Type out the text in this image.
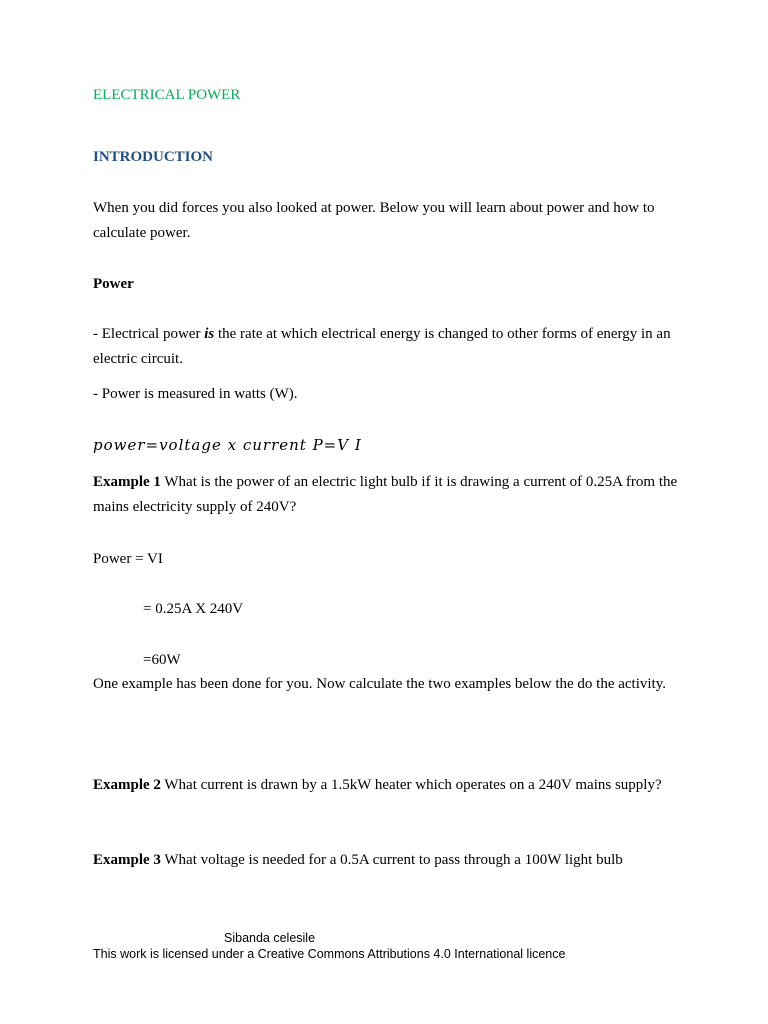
ELECTRICAL POWER
INTRODUCTION
When you did forces you also looked at power. Below you will learn about power and how to calculate power.
Power
- Electrical power is the rate at which electrical energy is changed to other forms of energy in an electric circuit.
- Power is measured in watts (W).
power=voltage x current P=V I
Example 1 What is the power of an electric light bulb if it is drawing a current of 0.25A from the mains electricity supply of 240V?
Power = VI
= 0.25A X 240V
=60W
One example has been done for you. Now calculate the two examples below the do the activity.
Example 2 What current is drawn by a 1.5kW heater which operates on a 240V mains supply?
Example 3 What voltage is needed for a 0.5A current to pass through a 100W light bulb
Sibanda celesile
This work is licensed under a Creative Commons Attributions 4.0 International licence
